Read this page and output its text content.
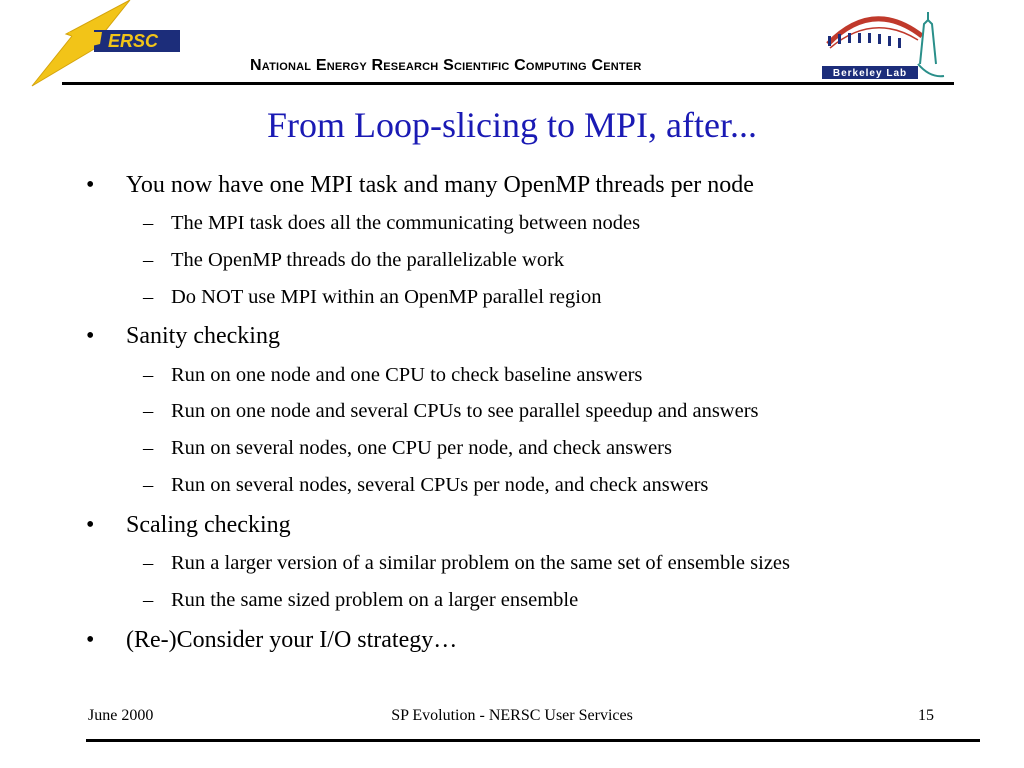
ERSC
National Energy Research Scientific Computing Center	Berkeley Lab
From Loop-slicing to MPI, after...
•	You now have one MPI task and many OpenMP threads per node
– The MPI task does all the communicating between nodes
– The OpenMP threads do the parallelizable work
– Do NOT use MPI within an OpenMP parallel region
•	Sanity checking
– Run on one node and one CPU to check baseline answers
– Run on one node and several CPUs to see parallel speedup and answers
– Run on several nodes, one CPU per node, and check answers
– Run on several nodes, several CPUs per node, and check answers
•	Scaling checking
– Run a larger version of a similar problem on the same set of ensemble sizes
– Run the same sized problem on a larger ensemble
•	(Re-)Consider your I/O strategy…
June 2000	SP Evolution - NERSC User Services	15
